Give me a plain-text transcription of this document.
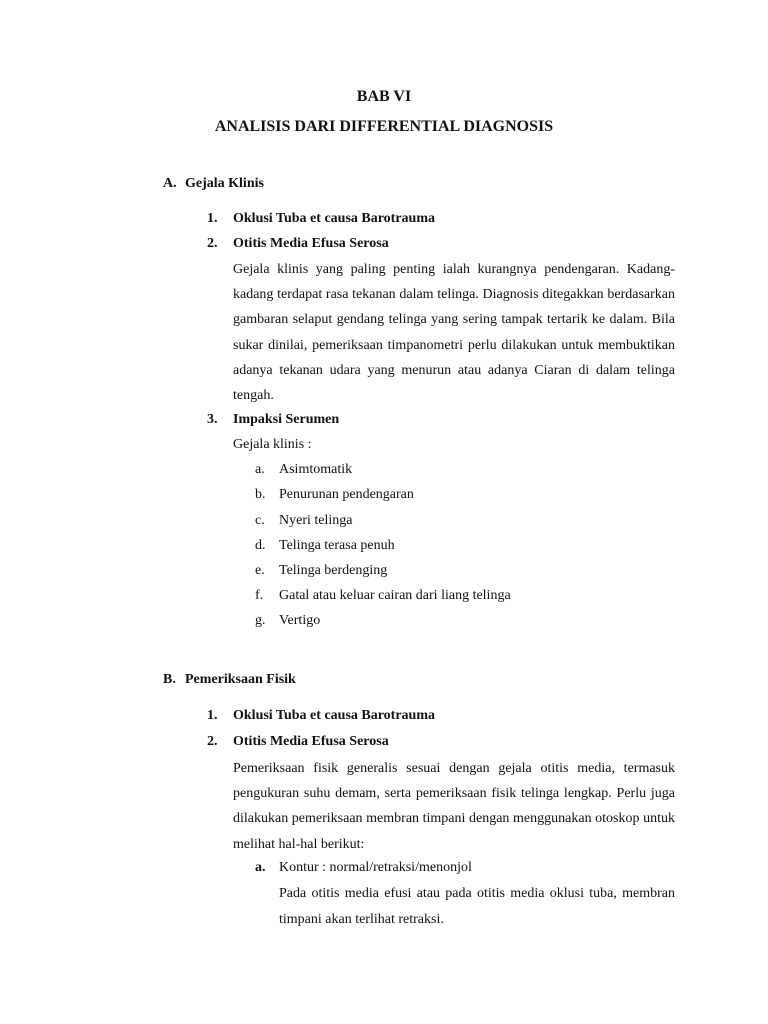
BAB VI
ANALISIS DARI DIFFERENTIAL DIAGNOSIS
A. Gejala Klinis
1. Oklusi Tuba et causa Barotrauma
2. Otitis Media Efusa Serosa
Gejala klinis yang paling penting ialah kurangnya pendengaran. Kadang- kadang terdapat rasa tekanan dalam telinga. Diagnosis ditegakkan berdasarkan gambaran selaput gendang telinga yang sering tampak tertarik ke dalam. Bila sukar dinilai, pemeriksaan timpanometri perlu dilakukan untuk membuktikan adanya tekanan udara yang menurun atau adanya Ciaran di dalam telinga tengah.
3. Impaksi Serumen
Gejala klinis :
a. Asimtomatik
b. Penurunan pendengaran
c. Nyeri telinga
d. Telinga terasa penuh
e. Telinga berdenging
f. Gatal atau keluar cairan dari liang telinga
g. Vertigo
B. Pemeriksaan Fisik
1. Oklusi Tuba et causa Barotrauma
2. Otitis Media Efusa Serosa
Pemeriksaan fisik generalis sesuai dengan gejala otitis media, termasuk pengukuran suhu demam, serta pemeriksaan fisik telinga lengkap. Perlu juga dilakukan pemeriksaan membran timpani dengan menggunakan otoskop untuk melihat hal-hal berikut:
a. Kontur : normal/retraksi/menonjol
Pada otitis media efusi atau pada otitis media oklusi tuba, membran timpani akan terlihat retraksi.
